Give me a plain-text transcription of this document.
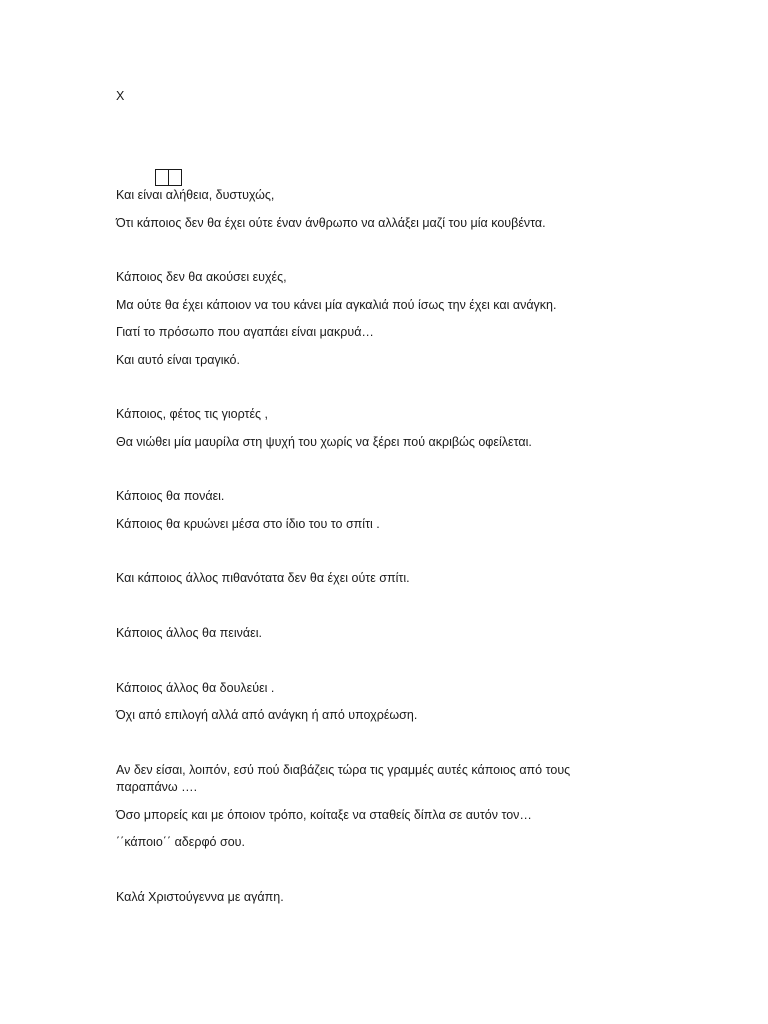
X
Και είναι αλήθεια, δυστυχώς,
Ότι κάποιος δεν θα έχει ούτε έναν άνθρωπο να αλλάξει μαζί του μία κουβέντα.
Κάποιος δεν θα ακούσει ευχές,
Μα ούτε θα έχει κάποιον να του κάνει μία αγκαλιά πού ίσως την έχει και ανάγκη.
Γιατί το πρόσωπο που αγαπάει είναι μακρυά…
Και αυτό είναι τραγικό.
Κάποιος, φέτος τις γιορτές ,
Θα νιώθει μία μαυρίλα στη ψυχή του χωρίς να ξέρει πού ακριβώς οφείλεται.
Κάποιος θα πονάει.
Κάποιος θα κρυώνει μέσα στο ίδιο του το σπίτι .
Και κάποιος άλλος πιθανότατα δεν θα έχει ούτε σπίτι.
Κάποιος άλλος θα πεινάει.
Κάποιος άλλος θα δουλεύει .
Όχι από επιλογή αλλά από ανάγκη ή από υποχρέωση.
Αν δεν είσαι, λοιπόν, εσύ πού διαβάζεις τώρα τις γραμμές αυτές κάποιος από τους παραπάνω ….
Όσο μπορείς και με όποιον τρόπο, κοίταξε να σταθείς δίπλα σε αυτόν τον…
΄΄κάποιο΄΄ αδερφό σου.
Καλά Χριστούγεννα με αγάπη.
